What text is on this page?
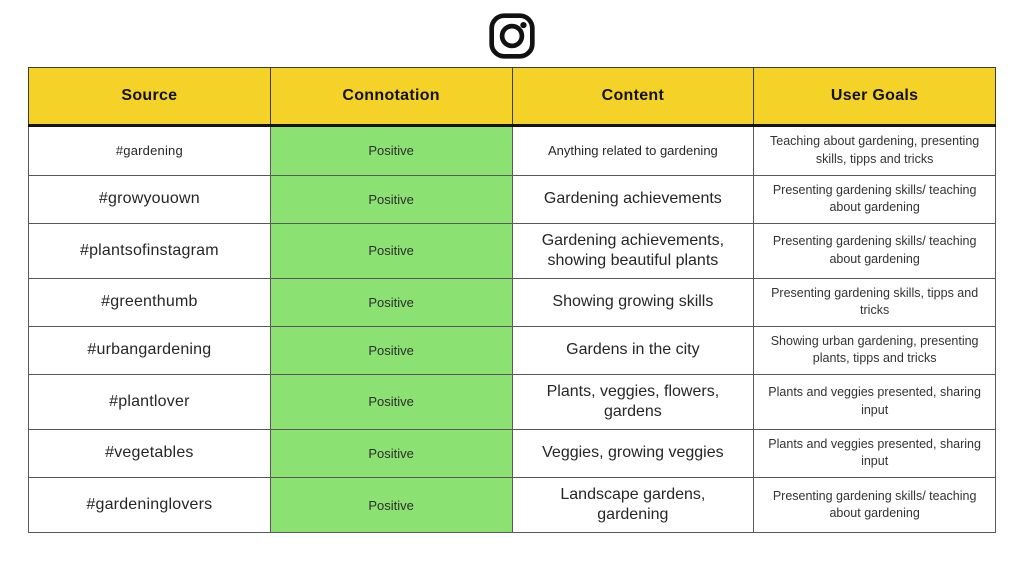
Source	Connotation	Content	User Goals
#gardening	Positive	Anything related to gardening	Teaching about gardening, presenting skills, tipps and tricks
#growyouown	Positive	Gardening achievements	Presenting gardening skills/ teaching about gardening
#plantsofinstagram	Positive	Gardening achievements, showing beautiful plants	Presenting gardening skills/ teaching about gardening
#greenthumb	Positive	Showing growing skills	Presenting gardening skills, tipps and tricks
#urbangardening	Positive	Gardens in the city	Showing urban gardening, presenting plants, tipps and tricks
#plantlover	Positive	Plants, veggies, flowers, gardens	Plants and veggies presented, sharing input
#vegetables	Positive	Veggies, growing veggies	Plants and veggies presented, sharing input
#gardeninglovers	Positive	Landscape gardens, gardening	Presenting gardening skills/ teaching about gardening
